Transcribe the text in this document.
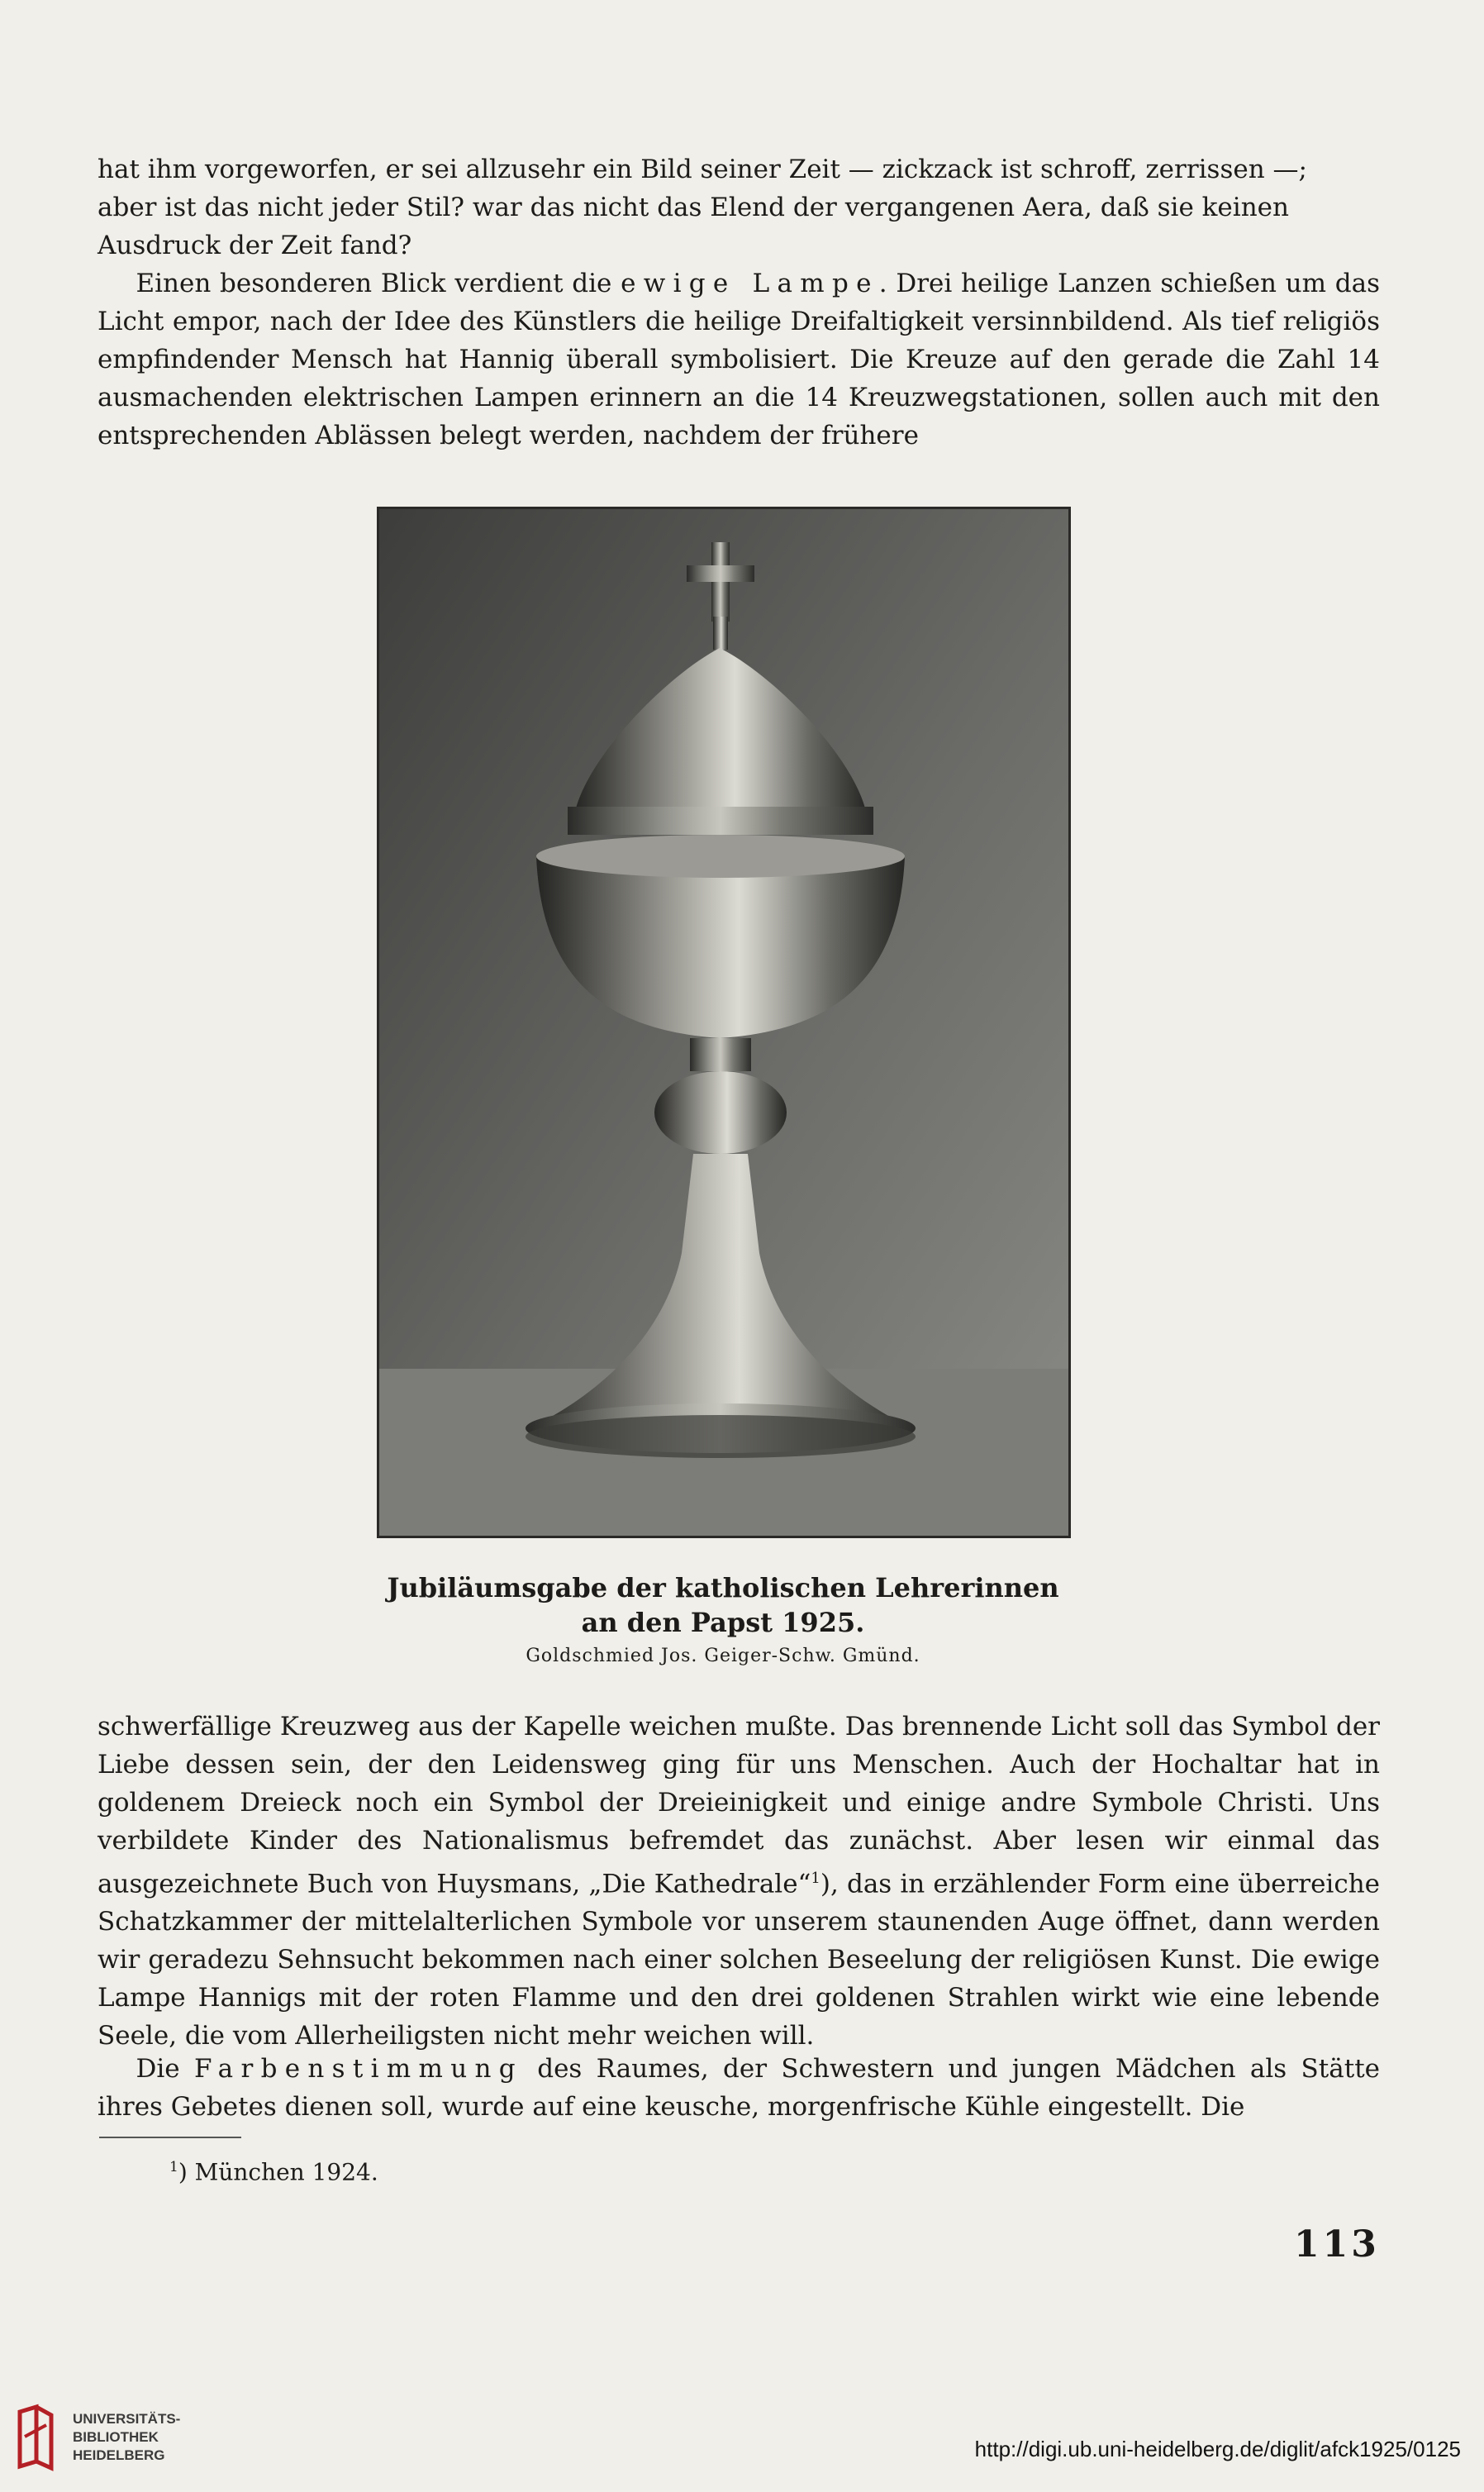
hat ihm vorgeworfen, er sei allzusehr ein Bild seiner Zeit — zickzack ist schroff, zerrissen —;
aber ist das nicht jeder Stil? war das nicht das Elend der vergangenen Aera, daß sie keinen
Ausdruck der Zeit fand?
  Einen besonderen Blick verdient die ewige Lampe. Drei heilige Lanzen schießen um das Licht empor, nach der Idee des Künstlers die heilige Dreifaltigkeit versinnbildend. Als tief religiös empfindender Mensch hat Hannig überall symbolisiert. Die Kreuze auf den gerade die Zahl 14 ausmachenden elektrischen Lampen erinnern an die 14 Kreuzwegstationen, sollen auch mit den entsprechenden Ablässen belegt werden, nachdem der frühere

Jubiläumsgabe der katholischen Lehrerinnen
an den Papst 1925.
Goldschmied Jos. Geiger-Schw. Gmünd.

schwerfällige Kreuzweg aus der Kapelle weichen mußte. Das brennende Licht soll das Symbol der Liebe dessen sein, der den Leidensweg ging für uns Menschen. Auch der Hochaltar hat in goldenem Dreieck noch ein Symbol der Dreieinigkeit und einige andre Symbole Christi. Uns verbildete Kinder des Nationalismus befremdet das zunächst. Aber lesen wir einmal das ausgezeichnete Buch von Huysmans, „Die Kathedrale“$^1$), das in erzählender Form eine überreiche Schatzkammer der mittelalterlichen Symbole vor unserem staunenden Auge öffnet, dann werden wir geradezu Sehnsucht bekommen nach einer solchen Beseelung der religiösen Kunst. Die ewige Lampe Hannigs mit der roten Flamme und den drei goldenen Strahlen wirkt wie eine lebende Seele, die vom Allerheiligsten nicht mehr weichen will.

  Die Farbenstimmung des Raumes, der Schwestern und jungen Mädchen als Stätte ihres Gebetes dienen soll, wurde auf eine keusche, morgenfrische Kühle eingestellt. Die

$^1$) München 1924.
113
UNIVERSITÄTS-
BIBLIOTHEK
HEIDELBERG	http://digi.ub.uni-heidelberg.de/diglit/afck1925/0125
